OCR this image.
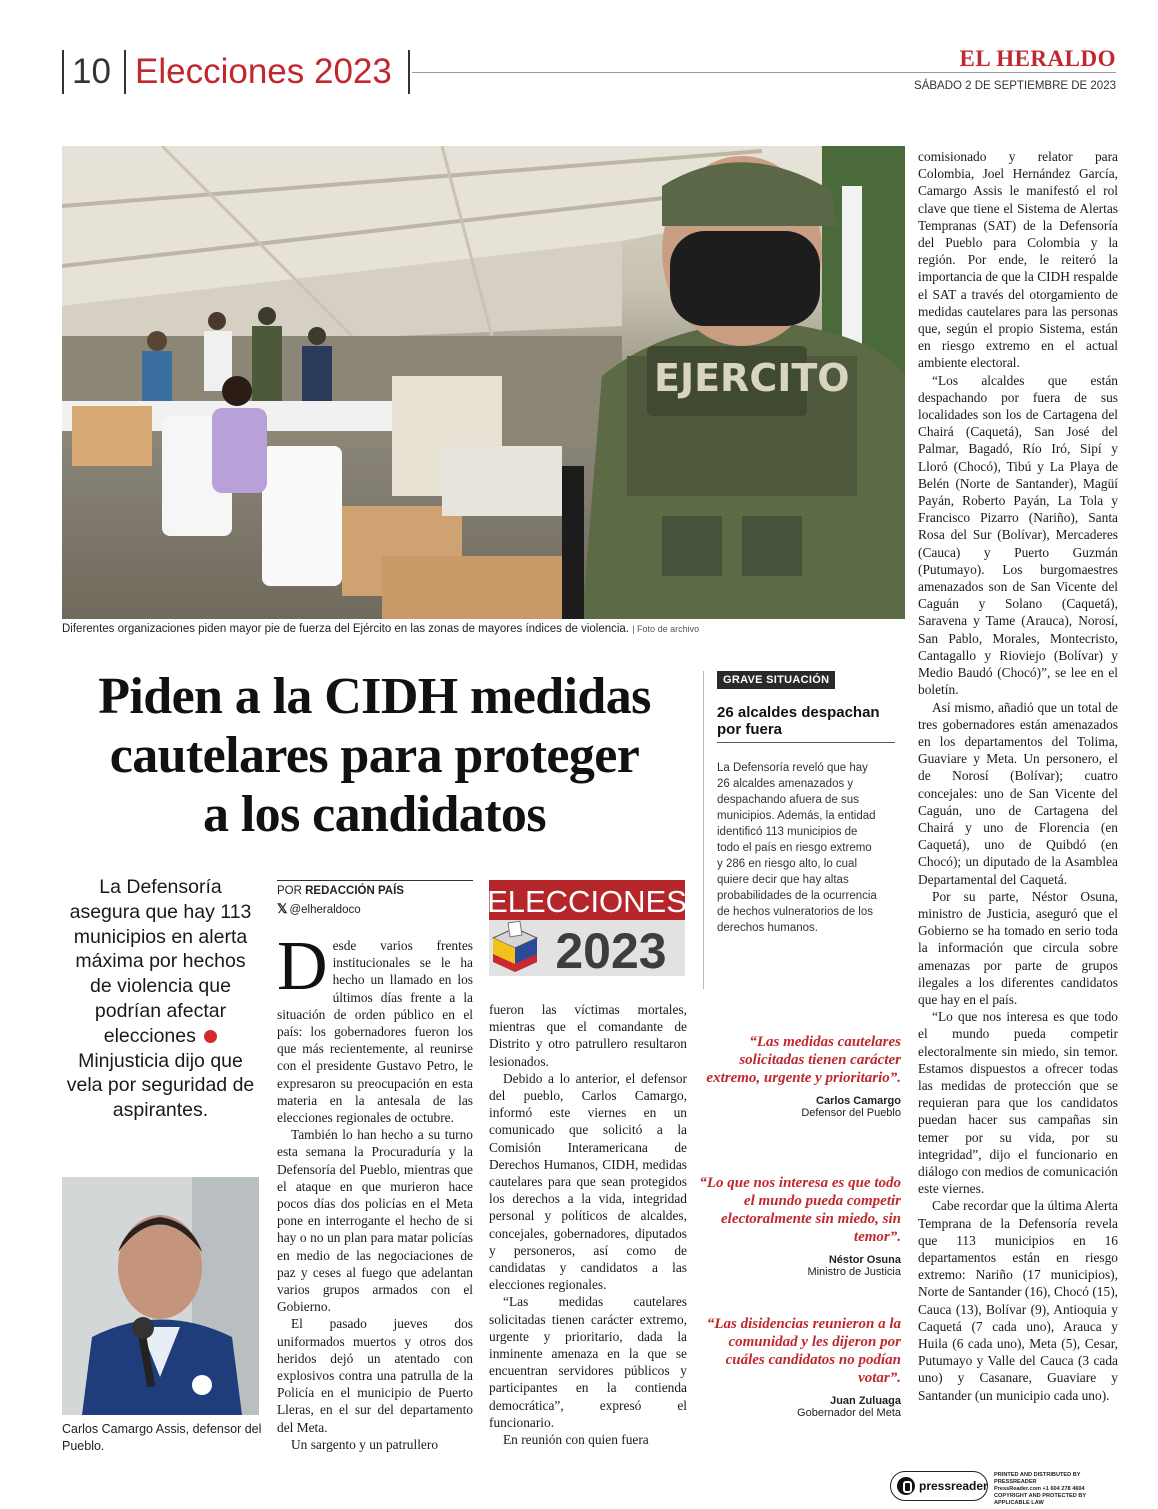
10 Elecciones 2023	EL HERALDO
SÁBADO 2 DE SEPTIEMBRE DE 2023
EJERCITO
Diferentes organizaciones piden mayor pie de fuerza del Ejército en las zonas de mayores índices de violencia. | Foto de archivo
Piden a la CIDH medidas
cautelares para proteger
a los candidatos
La Defensoría asegura que hay 113 municipios en alerta máxima por hechos de violencia que podrían afectar elecciones  Minjusticia dijo que vela por seguridad de aspirantes.
Carlos Camargo Assis, defensor del Pueblo.
POR REDACCIÓN PAÍS
𝕏 @elheraldoco

Desde varios frentes institucionales se le ha hecho un llamado en los últimos días frente a la situación de orden público en el país: los gobernadores fueron los que más recientemente, al reunirse con el presidente Gustavo Petro, le expresaron su preocupación en esta materia en la antesala de las elecciones regionales de octubre.

También lo han hecho a su turno esta semana la Procuraduría y la Defensoría del Pueblo, mientras que el ataque en que murieron hace pocos días dos policías en el Meta pone en interrogante el hecho de si hay o no un plan para matar policías en medio de las negociaciones de paz y ceses al fuego que adelantan varios grupos armados con el Gobierno.

El pasado jueves dos uniformados muertos y otros dos heridos dejó un atentado con explosivos contra una patrulla de la Policía en el municipio de Puerto Lleras, en el sur del departamento del Meta.

Un sargento y un patrullero

ELECCIONES
2023

fueron las víctimas mortales, mientras que el comandante de Distrito y otro patrullero resultaron lesionados.

Debido a lo anterior, el defensor del pueblo, Carlos Camargo, informó este viernes en un comunicado que solicitó a la Comisión Interamericana de Derechos Humanos, CIDH, medidas cautelares para que sean protegidos los derechos a la vida, integridad personal y políticos de alcaldes, concejales, gobernadores, diputados y personeros, así como de candidatas y candidatos a las elecciones regionales.

“Las medidas cautelares solicitadas tienen carácter extremo, urgente y prioritario, dada la inminente amenaza en la que se encuentran servidores públicos y participantes en la contienda democrática”, expresó el funcionario.

En reunión con quien fuera

GRAVE SITUACIÓN
26 alcaldes despachan por fuera
La Defensoría reveló que hay 26 alcaldes amenazados y despachando afuera de sus municipios. Además, la entidad identificó 113 municipios de todo el país en riesgo extremo y 286 en riesgo alto, lo cual quiere decir que hay altas probabilidades de la ocurrencia de hechos vulneratorios de los derechos humanos.
“Las medidas cautelares solicitadas tienen carácter extremo, urgente y prioritario”.
Carlos Camargo
Defensor del Pueblo
“Lo que nos interesa es que todo el mundo pueda competir electoralmente sin miedo, sin temor”.
Néstor Osuna
Ministro de Justicia
“Las disidencias reunieron a la comunidad y les dijeron por cuáles candidatos no podían votar”.
Juan Zuluaga
Gobernador del Meta

comisionado y relator para Colombia, Joel Hernández García, Camargo Assis le manifestó el rol clave que tiene el Sistema de Alertas Tempranas (SAT) de la Defensoría del Pueblo para Colombia y la región. Por ende, le reiteró la importancia de que la CIDH respalde el SAT a través del otorgamiento de medidas cautelares para las personas que, según el propio Sistema, están en riesgo extremo en el actual ambiente electoral.

“Los alcaldes que están despachando por fuera de sus localidades son los de Cartagena del Chairá (Caquetá), San José del Palmar, Bagadó, Río Iró, Sipí y Lloró (Chocó), Tibú y La Playa de Belén (Norte de Santander), Magüí Payán, Roberto Payán, La Tola y Francisco Pizarro (Nariño), Santa Rosa del Sur (Bolívar), Mercaderes (Cauca) y Puerto Guzmán (Putumayo). Los burgomaestres amenazados son de San Vicente del Caguán y Solano (Caquetá), Saravena y Tame (Arauca), Norosí, San Pablo, Morales, Montecristo, Cantagallo y Rioviejo (Bolívar) y Medio Baudó (Chocó)”, se lee en el boletín.

Así mismo, añadió que un total de tres gobernadores están amenazados en los departamentos del Tolima, Guaviare y Meta. Un personero, el de Norosí (Bolívar); cuatro concejales: uno de San Vicente del Caguán, uno de Cartagena del Chairá y uno de Florencia (en Caquetá), uno de Quibdó (en Chocó); un diputado de la Asamblea Departamental del Caquetá.

Por su parte, Néstor Osuna, ministro de Justicia, aseguró que el Gobierno se ha tomado en serio toda la información que circula sobre amenazas por parte de grupos ilegales a los diferentes candidatos que hay en el país.

“Lo que nos interesa es que todo el mundo pueda competir electoralmente sin miedo, sin temor. Estamos dispuestos a ofrecer todas las medidas de protección que se requieran para que los candidatos puedan hacer sus campañas sin temer por su vida, por su integridad”, dijo el funcionario en diálogo con medios de comunicación este viernes.

Cabe recordar que la última Alerta Temprana de la Defensoría revela que 113 municipios en 16 departamentos están en riesgo extremo: Nariño (17 municipios), Norte de Santander (16), Chocó (15), Cauca (13), Bolívar (9), Antioquia y Caquetá (7 cada uno), Arauca y Huila (6 cada uno), Meta (5), Cesar, Putumayo y Valle del Cauca (3 cada uno) y Casanare, Guaviare y Santander (un municipio cada uno).

pressreader
PRINTED AND DISTRIBUTED BY PRESSREADER
PressReader.com +1 604 278 4604
COPYRIGHT AND PROTECTED BY APPLICABLE LAW
